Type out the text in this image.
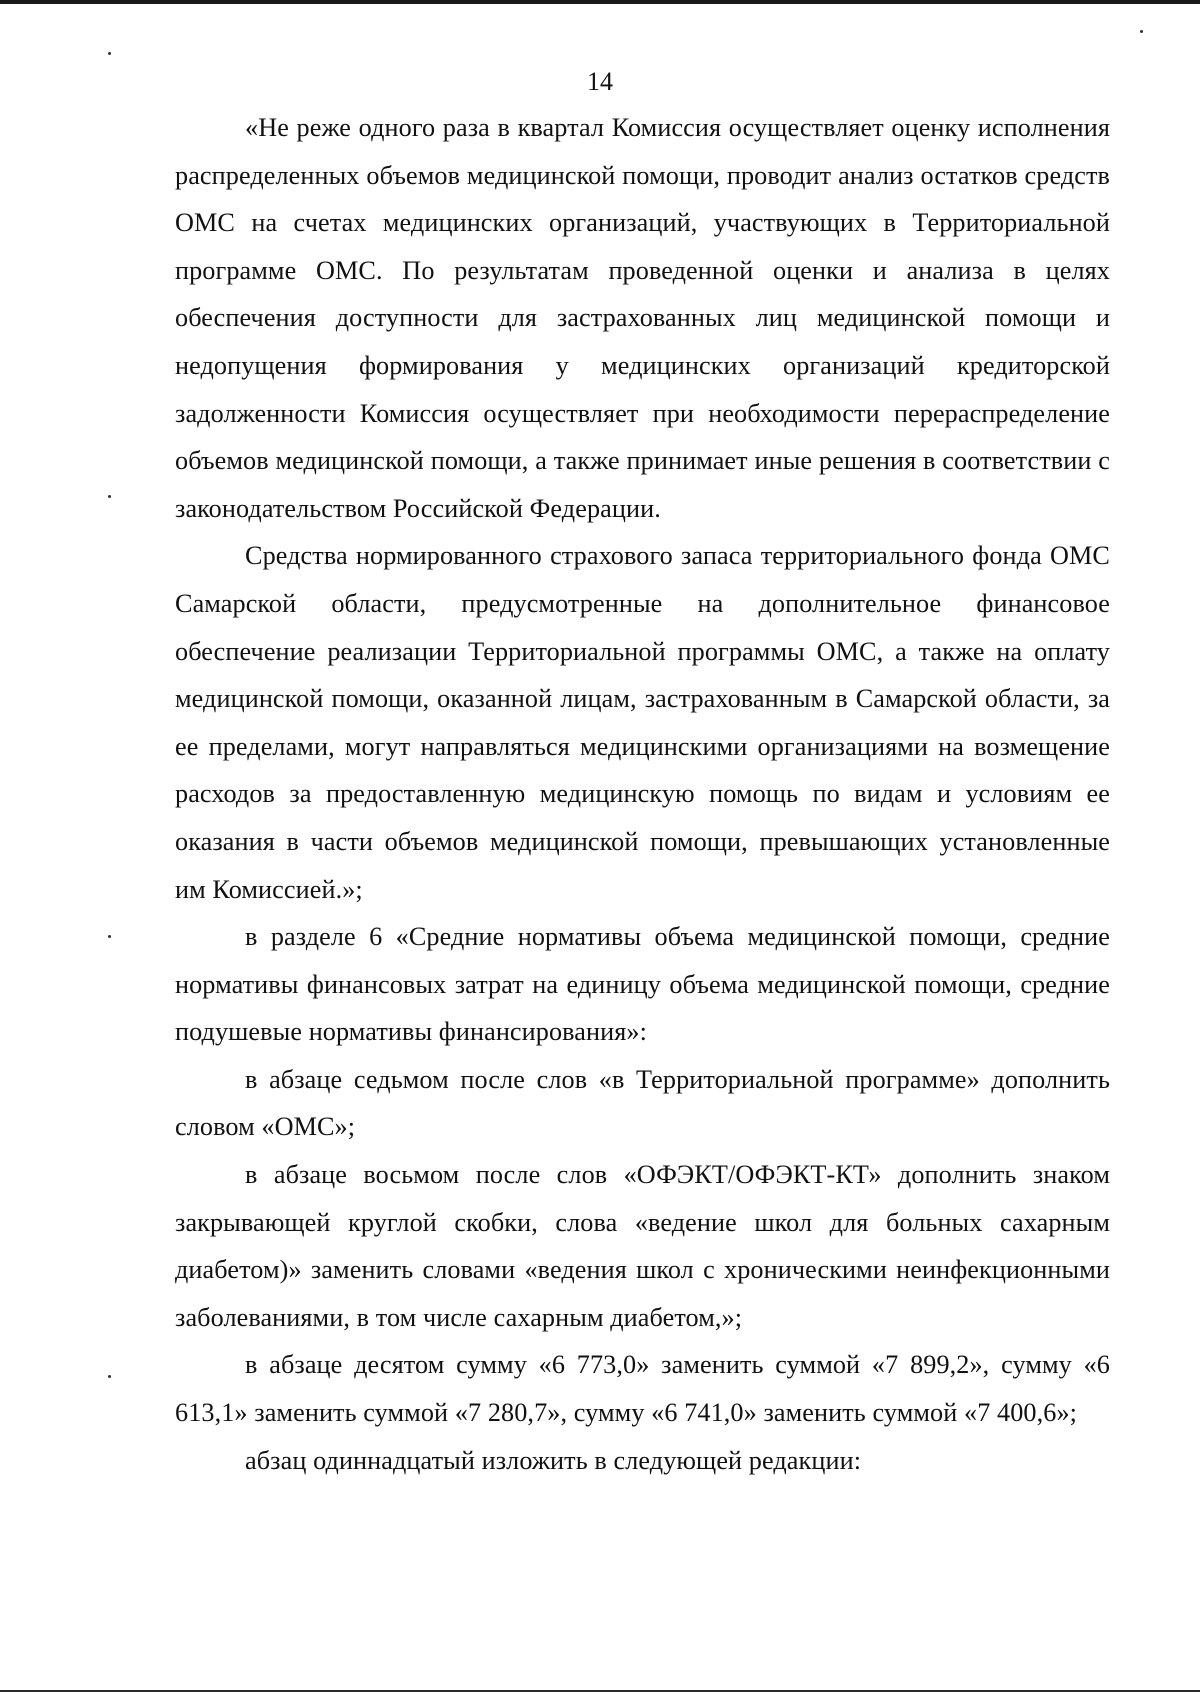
14

«Не реже одного раза в квартал Комиссия осуществляет оценку исполнения распределенных объемов медицинской помощи, проводит анализ остатков средств ОМС на счетах медицинских организаций, участвующих в Территориальной программе ОМС. По результатам проведенной оценки и анализа в целях обеспечения доступности для застрахованных лиц медицинской помощи и недопущения формирования у медицинских организаций кредиторской задолженности Комиссия осуществляет при необходимости перераспределение объемов медицинской помощи, а также принимает иные решения в соответствии с законодательством Российской Федерации.

Средства нормированного страхового запаса территориального фонда ОМС Самарской области, предусмотренные на дополнительное финансовое обеспечение реализации Территориальной программы ОМС, а также на оплату медицинской помощи, оказанной лицам, застрахованным в Самарской области, за ее пределами, могут направляться медицинскими организациями на возмещение расходов за предоставленную медицинскую помощь по видам и условиям ее оказания в части объемов медицинской помощи, превышающих установленные им Комиссией.»;

в разделе 6 «Средние нормативы объема медицинской помощи, средние нормативы финансовых затрат на единицу объема медицинской помощи, средние подушевые нормативы финансирования»:

в абзаце седьмом после слов «в Территориальной программе» дополнить словом «ОМС»;

в абзаце восьмом после слов «ОФЭКТ/ОФЭКТ-КТ» дополнить знаком закрывающей круглой скобки, слова «ведение школ для больных сахарным диабетом)» заменить словами «ведения школ с хроническими неинфекционными заболеваниями, в том числе сахарным диабетом,»;

в абзаце десятом сумму «6 773,0» заменить суммой «7 899,2», сумму «6 613,1» заменить суммой «7 280,7», сумму «6 741,0» заменить суммой «7 400,6»;

абзац одиннадцатый изложить в следующей редакции:
